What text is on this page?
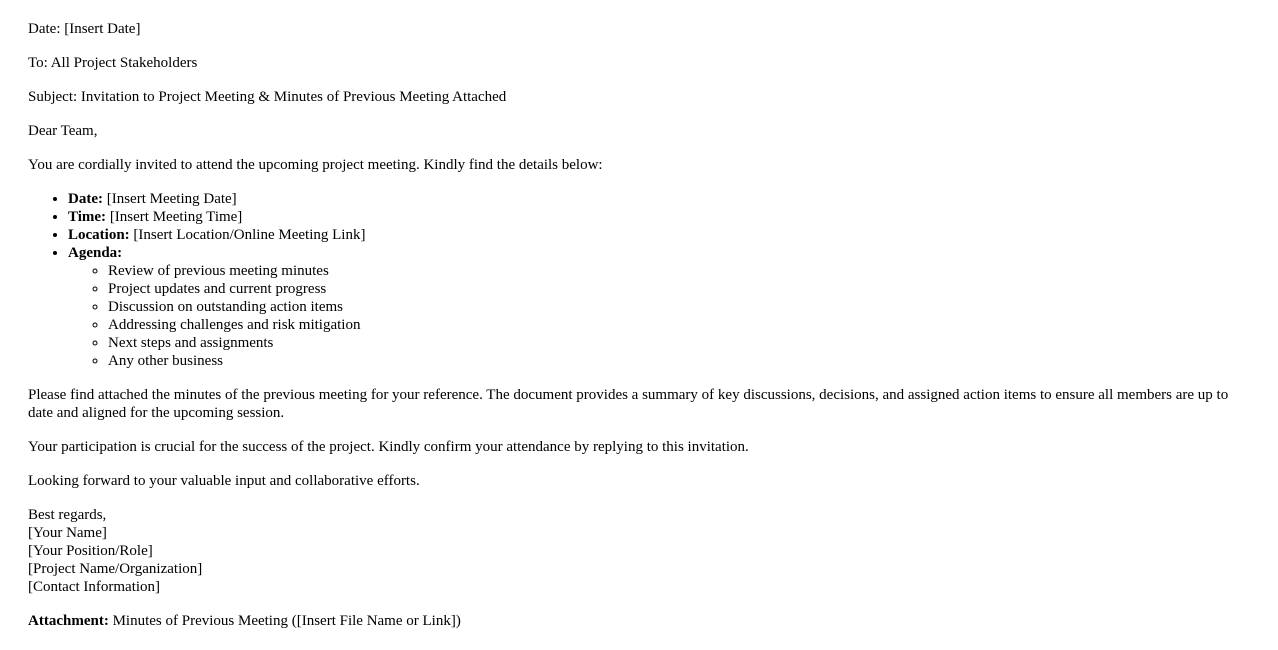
Date: [Insert Date]

To: All Project Stakeholders

Subject: Invitation to Project Meeting & Minutes of Previous Meeting Attached

Dear Team,

You are cordially invited to attend the upcoming project meeting. Kindly find the details below:

• Date: [Insert Meeting Date]
• Time: [Insert Meeting Time]
• Location: [Insert Location/Online Meeting Link]
• Agenda:
◦ Review of previous meeting minutes
◦ Project updates and current progress
◦ Discussion on outstanding action items
◦ Addressing challenges and risk mitigation
◦ Next steps and assignments
◦ Any other business

Please find attached the minutes of the previous meeting for your reference. The document provides a summary of key discussions, decisions, and assigned action items to ensure all members are up to date and aligned for the upcoming session.

Your participation is crucial for the success of the project. Kindly confirm your attendance by replying to this invitation.

Looking forward to your valuable input and collaborative efforts.

Best regards,
[Your Name]
[Your Position/Role]
[Project Name/Organization]
[Contact Information]

Attachment: Minutes of Previous Meeting ([Insert File Name or Link])
